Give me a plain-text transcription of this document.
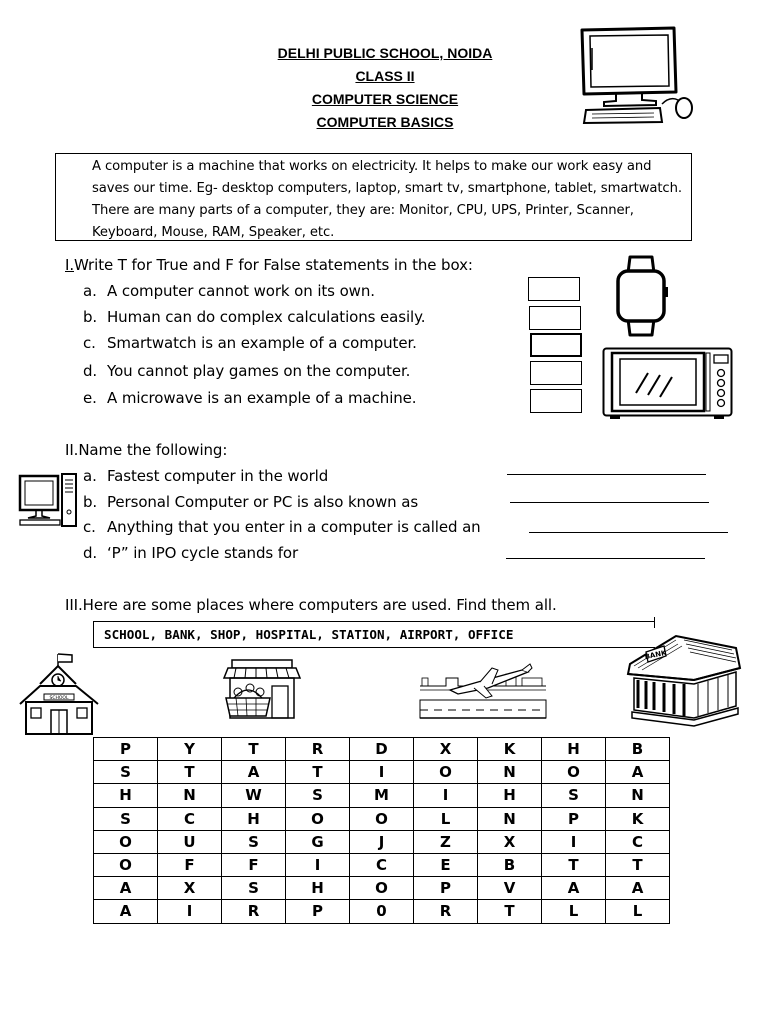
DELHI PUBLIC SCHOOL, NOIDA
CLASS II
COMPUTER SCIENCE
COMPUTER BASICS
A computer is a machine that works on electricity. It helps to make our work easy and saves our time. Eg- desktop computers, laptop, smart tv, smartphone, tablet, smartwatch. There are many parts of a computer, they are: Monitor, CPU, UPS, Printer, Scanner, Keyboard, Mouse, RAM, Speaker, etc.
I.Write T for True and F for False statements in the box:
a. A computer cannot work on its own.
b. Human can do complex calculations easily.
c. Smartwatch is an example of a computer.
d. You cannot play games on the computer.
e. A microwave is an example of a machine.
II.Name the following:
a. Fastest computer in the world
b. Personal Computer or PC is also known as
c. Anything that you enter in a computer is called an
d. ‘P” in IPO cycle stands for
III.Here are some places where computers are used. Find them all.
SCHOOL, BANK, SHOP, HOSPITAL, STATION, AIRPORT, OFFICE
SCHOOL
BANK
P	Y	T	R	D	X	K	H	B
S	T	A	T	I	O	N	O	A
H	N	W	S	M	I	H	S	N
S	C	H	O	O	L	N	P	K
O	U	S	G	J	Z	X	I	C
O	F	F	I	C	E	B	T	T
A	X	S	H	O	P	V	A	A
A	I	R	P	0	R	T	L	L
